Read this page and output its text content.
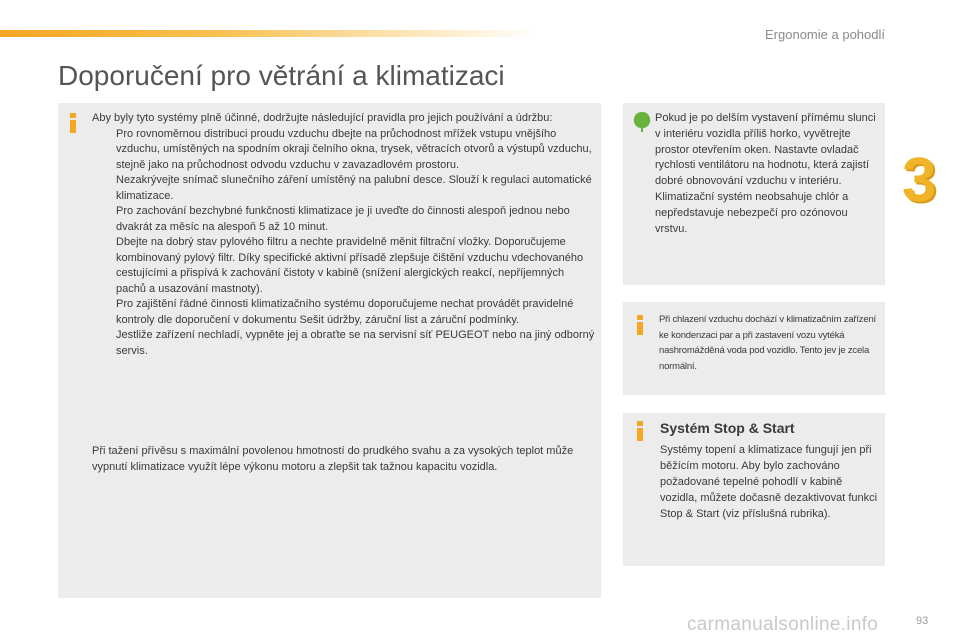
Ergonomie a pohodlí
3
Doporučení pro větrání a klimatizaci

Aby byly tyto systémy plně účinné, dodržujte následující pravidla pro jejich používání a údržbu:

Pro rovnoměrnou distribuci proudu vzduchu dbejte na průchodnost mřížek vstupu vnějšího vzduchu, umístěných na spodním okraji čelního okna, trysek, větracích otvorů a výstupů vzduchu, stejně jako na průchodnost odvodu vzduchu v zavazadlovém prostoru.
Nezakrývejte snímač slunečního záření umístěný na palubní desce. Slouží k regulaci automatické klimatizace.
Pro zachování bezchybné funkčnosti klimatizace je ji uveďte do činnosti alespoň jednou nebo dvakrát za měsíc na alespoň 5 až 10 minut.
Dbejte na dobrý stav pylového filtru a nechte pravidelně měnit filtrační vložky. Doporučujeme kombinovaný pylový filtr. Díky specifické aktivní přísadě zlepšuje čištění vzduchu vdechovaného cestujícími a přispívá k zachování čistoty v kabině (snížení alergických reakcí, nepříjemných pachů a usazování mastnoty).
Pro zajištění řádné činnosti klimatizačního systému doporučujeme nechat provádět pravidelné kontroly dle doporučení v dokumentu Sešit údržby, záruční list a záruční podmínky.
Jestliže zařízení nechladí, vypněte jej a obraťte se na servisní síť PEUGEOT nebo na jiný odborný servis.
Při tažení přívěsu s maximální povolenou hmotností do prudkého svahu a za vysokých teplot může vypnutí klimatizace využít lépe výkonu motoru a zlepšit tak tažnou kapacitu vozidla.
Pokud je po delším vystavení přímému slunci v interiéru vozidla příliš horko, vyvětrejte prostor otevřením oken. Nastavte ovladač rychlosti ventilátoru na hodnotu, která zajistí dobré obnovování vzduchu v interiéru. Klimatizační systém neobsahuje chlór a nepředstavuje nebezpečí pro ozónovou vrstvu.
Při chlazení vzduchu dochází v klimatizačním zařízení ke kondenzaci par a při zastavení vozu vytéká nashromážděná voda pod vozidlo. Tento jev je zcela normální.
Systém Stop & Start
Systémy topení a klimatizace fungují jen při běžícím motoru. Aby bylo zachováno požadované tepelné pohodlí v kabině vozidla, můžete dočasně dezaktivovat funkci Stop & Start (viz příslušná rubrika).
carmanualsonline.info	93
